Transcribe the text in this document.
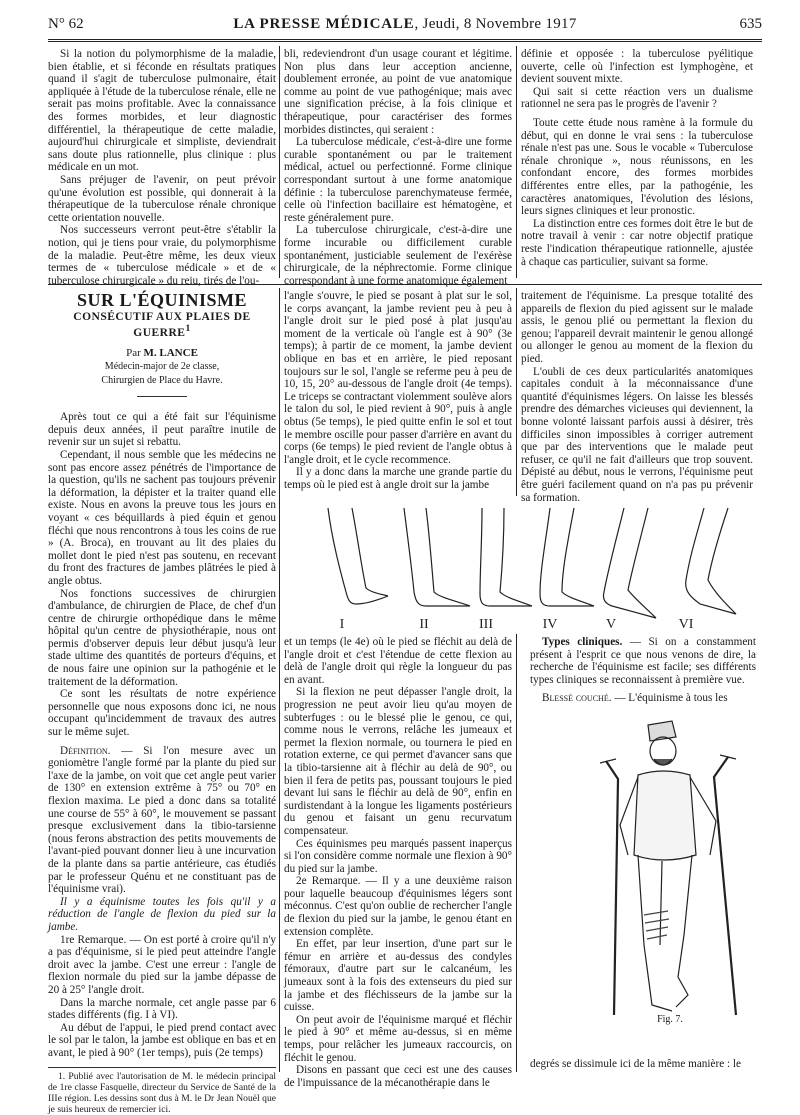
N° 62	LA PRESSE MÉDICALE, Jeudi, 8 Novembre 1917	635

Si la notion du polymorphisme de la maladie, bien établie, et si féconde en résultats pratiques quand il s'agit de tuberculose pulmonaire, était appliquée à l'étude de la tuberculose rénale, elle ne serait pas moins profitable. Avec la connaissance des formes morbides, et leur diagnostic différentiel, la thérapeutique de cette maladie, aujourd'hui chirurgicale et simpliste, deviendrait sans doute plus rationnelle, plus clinique : plus médicale en un mot.

Sans préjuger de l'avenir, on peut prévoir qu'une évolution est possible, qui donnerait à la thérapeutique de la tuberculose rénale chronique cette orientation nouvelle.

Nos successeurs verront peut-être s'établir la notion, qui je tiens pour vraie, du polymorphisme de la maladie. Peut-être même, les deux vieux termes de « tuberculose médicale » et de « tuberculose chirurgicale » du reiu, tirés de l'ou-

bli, redeviendront d'un usage courant et légitime. Non plus dans leur acception ancienne, doublement erronée, au point de vue anatomique comme au point de vue pathogénique; mais avec une signification précise, à la fois clinique et thérapeutique, pour caractériser des formes morbides distinctes, qui seraient :

La tuberculose médicale, c'est-à-dire une forme curable spontanément ou par le traitement médical, actuel ou perfectionné. Forme clinique correspondant surtout à une forme anatomique définie : la tuberculose parenchymateuse fermée, celle où l'infection bacillaire est hématogène, et reste généralement pure.

La tuberculose chirurgicale, c'est-à-dire une forme incurable ou difficilement curable spontanément, justiciable seulement de l'exérèse chirurgicale, de la néphrectomie. Forme clinique correspondant à une forme anatomique également

définie et opposée : la tuberculose pyélitique ouverte, celle où l'infection est lymphogène, et devient souvent mixte.

Qui sait si cette réaction vers un dualisme rationnel ne sera pas le progrès de l'avenir ?

Toute cette étude nous ramène à la formule du début, qui en donne le vrai sens : la tuberculose rénale n'est pas une. Sous le vocable « Tuberculose rénale chronique », nous réunissons, en les confondant encore, des formes morbides différentes entre elles, par la pathogénie, les caractères anatomiques, l'évolution des lésions, leurs signes cliniques et leur pronostic.

La distinction entre ces formes doit être le but de notre travail à venir : car notre objectif pratique reste l'indication thérapeutique rationnelle, ajustée à chaque cas particulier, suivant sa forme.

SUR L'ÉQUINISME
CONSÉCUTIF AUX PLAIES DE GUERRE$^1$
Par M. LANCE
Médecin-major de 2e classe,
Chirurgien de Place du Havre.

Après tout ce qui a été fait sur l'équinisme depuis deux années, il peut paraître inutile de revenir sur un sujet si rebattu.

Cependant, il nous semble que les médecins ne sont pas encore assez pénétrés de l'importance de la question, qu'ils ne sachent pas toujours prévenir la déformation, la dépister et la traiter quand elle existe. Nous en avons la preuve tous les jours en voyant « ces béquillards à pied équin et genou fléchi que nous rencontrons à tous les coins de rue » (A. Broca), en trouvant au lit des plaies du mollet dont le pied n'est pas soutenu, en recevant du front des fractures de jambes plâtrées le pied à angle obtus.

Nos fonctions successives de chirurgien d'ambulance, de chirurgien de Place, de chef d'un centre de chirurgie orthopédique dans le même hôpital qu'un centre de physiothérapie, nous ont permis d'observer depuis leur début jusqu'à leur stade ultime des quantités de porteurs d'équins, et de nous faire une opinion sur la pathogénie et le traitement de la déformation.

Ce sont les résultats de notre expérience personnelle que nous exposons donc ici, ne nous occupant qu'incidemment de travaux des autres sur le même sujet.

Définition. — Si l'on mesure avec un goniomètre l'angle formé par la plante du pied sur l'axe de la jambe, on voit que cet angle peut varier de 130° en extension extrême à 75° ou 70° en flexion maxima. Le pied a donc dans sa totalité une course de 55° à 60°, le mouvement se passant presque exclusivement dans la tibio-tarsienne (nous ferons abstraction des petits mouvements de l'avant-pied pouvant donner lieu à une incurvation de la plante dans sa partie antérieure, cas étudiés par le professeur Quénu et ne constituant pas de l'équinisme vrai).

Il y a équinisme toutes les fois qu'il y a réduction de l'angle de flexion du pied sur la jambe.

1re Remarque. — On est porté à croire qu'il n'y a pas d'équinisme, si le pied peut atteindre l'angle droit avec la jambe. C'est une erreur : l'angle de flexion normale du pied sur la jambe dépasse de 20 à 25° l'angle droit.

Dans la marche normale, cet angle passe par 6 stades différents (fig. I à VI).

Au début de l'appui, le pied prend contact avec le sol par le talon, la jambe est oblique en bas et en avant, le pied à 90° (1er temps), puis (2e temps)

1. Publié avec l'autorisation de M. le médecin principal de 1re classe Fasquelle, directeur du Service de Santé de la IIIe région. Les dessins sont dus à M. le Dr Jean Nouël que je suis heureux de remercier ici.

l'angle s'ouvre, le pied se posant à plat sur le sol, le corps avançant, la jambe revient peu à peu à l'angle droit sur le pied posé à plat jusqu'au moment de la verticale où l'angle est à 90° (3e temps); à partir de ce moment, la jambe devient oblique en bas et en arrière, le pied reposant toujours sur le sol, l'angle se referme peu à peu de 10, 15, 20° au-dessous de l'angle droit (4e temps). Le triceps se contractant violemment soulève alors le talon du sol, le pied revient à 90°, puis à angle obtus (5e temps), le pied quitte enfin le sol et tout le membre oscille pour passer d'arrière en avant du corps (6e temps) le pied revient de l'angle obtus à l'angle droit, et le cycle recommence.

Il y a donc dans la marche une grande partie du temps où le pied est à angle droit sur la jambe

traitement de l'équinisme. La presque totalité des appareils de flexion du pied agissent sur le malade assis, le genou plié ou permettant la flexion du genou; l'appareil devrait maintenir le genou allongé ou allonger le genou au moment de la flexion du pied.

L'oubli de ces deux particularités anatomiques capitales conduit à la méconnaissance d'une quantité d'équinismes légers. On laisse les blessés prendre des démarches vicieuses qui deviennent, la bonne volonté laissant parfois aussi à désirer, très difficiles sinon impossibles à corriger autrement que par des interventions que le malade peut refuser, ce qu'il ne fait d'ailleurs que trop souvent. Dépisté au début, nous le verrons, l'équinisme peut être guéri facilement quand on n'a pas pu prévenir sa formation.

I	II	III	IV	V	VI

et un temps (le 4e) où le pied se fléchit au delà de l'angle droit et c'est l'étendue de cette flexion au delà de l'angle droit qui règle la longueur du pas en avant.

Si la flexion ne peut dépasser l'angle droit, la progression ne peut avoir lieu qu'au moyen de subterfuges : ou le blessé plie le genou, ce qui, comme nous le verrons, relâche les jumeaux et permet la flexion normale, ou tournera le pied en rotation externe, ce qui permet d'avancer sans que la tibio-tarsienne ait à fléchir au delà de 90°, ou bien il fera de petits pas, poussant toujours le pied devant lui sans le fléchir au delà de 90°, enfin en surdistendant à la longue les ligaments postérieurs du genou et faisant un genu recurvatum compensateur.

Ces équinismes peu marqués passent inaperçus si l'on considère comme normale une flexion à 90° du pied sur la jambe.

2e Remarque. — Il y a une deuxième raison pour laquelle beaucoup d'équinismes légers sont méconnus. C'est qu'on oublie de rechercher l'angle de flexion du pied sur la jambe, le genou étant en extension complète.

En effet, par leur insertion, d'une part sur le fémur en arrière et au-dessus des condyles fémoraux, d'autre part sur le calcanéum, les jumeaux sont à la fois des extenseurs du pied sur la jambe et des fléchisseurs de la jambe sur la cuisse.

On peut avoir de l'équinisme marqué et fléchir le pied à 90° et même au-dessus, si en même temps, pour relâcher les jumeaux raccourcis, on fléchit le genou.

Disons en passant que ceci est une des causes de l'impuissance de la mécanothérapie dans le

Types cliniques. — Si on a constamment présent à l'esprit ce que nous venons de dire, la recherche de l'équinisme est facile; ses différents types cliniques se reconnaissent à première vue.

Blessé couché. — L'équinisme à tous les

Fig. 7.

degrés se dissimule ici de la même manière : le
